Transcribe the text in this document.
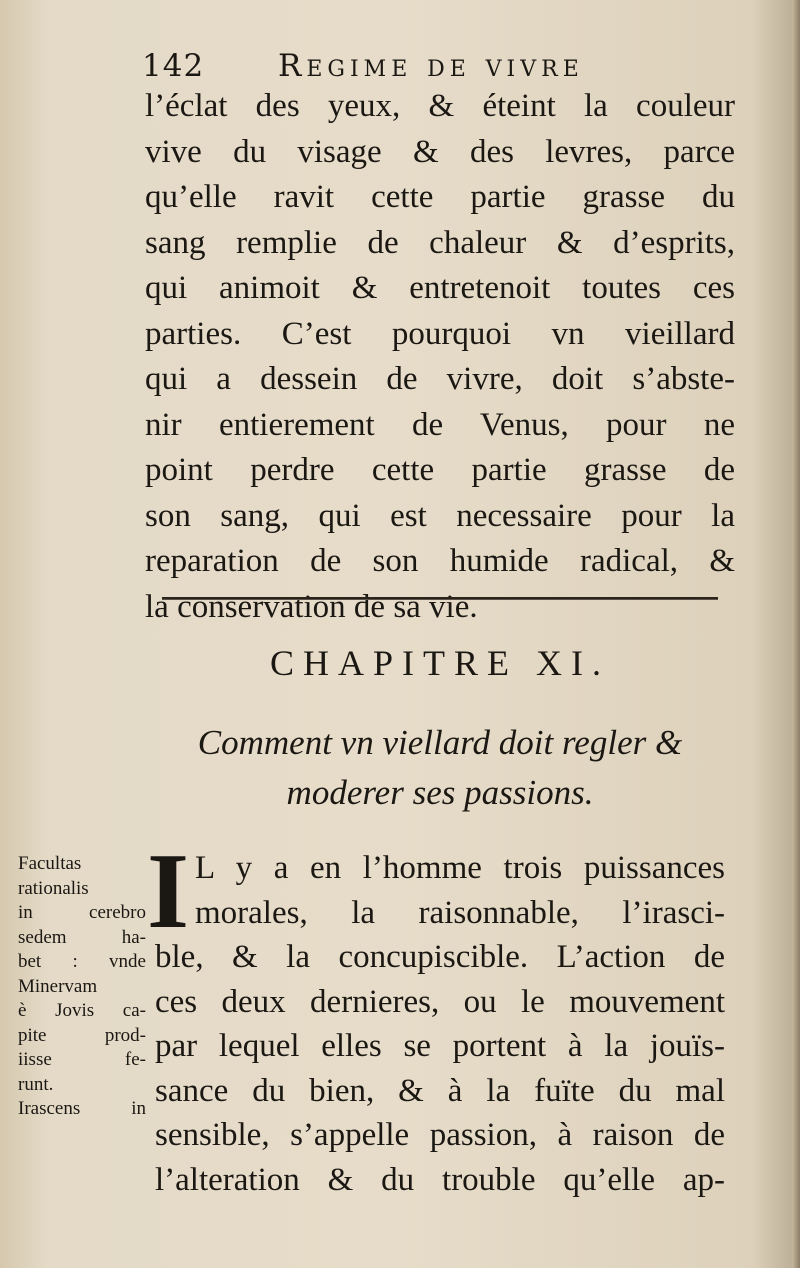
142 Regime de vivre

l’éclat des yeux, & éteint la couleur
vive du visage & des levres, parce
qu’elle ravit cette partie grasse du
sang remplie de chaleur & d’esprits,
qui animoit & entretenoit toutes ces
parties. C’est pourquoi vn vieillard
qui a dessein de vivre, doit s’abste-
nir entierement de Venus, pour ne
point perdre cette partie grasse de
son sang, qui est necessaire pour la
reparation de son humide radical, &
la conservation de sa vie.

CHAPITRE XI.
Comment vn viellard doit regler &
moderer ses passions.

Facultas
rationalis
in cerebro
sedem ha-
bet : vnde
Minervam
è Jovis ca-
pite prod-
iisse fe-
runt.
Irascens in

I L y a en l’homme trois puissances
morales, la raisonnable, l’irasci-
ble, & la concupiscible. L’action de
ces deux dernieres, ou le mouvement
par lequel elles se portent à la jouïs-
sance du bien, & à la fuïte du mal
sensible, s’appelle passion, à raison de
l’alteration & du trouble qu’elle ap-
